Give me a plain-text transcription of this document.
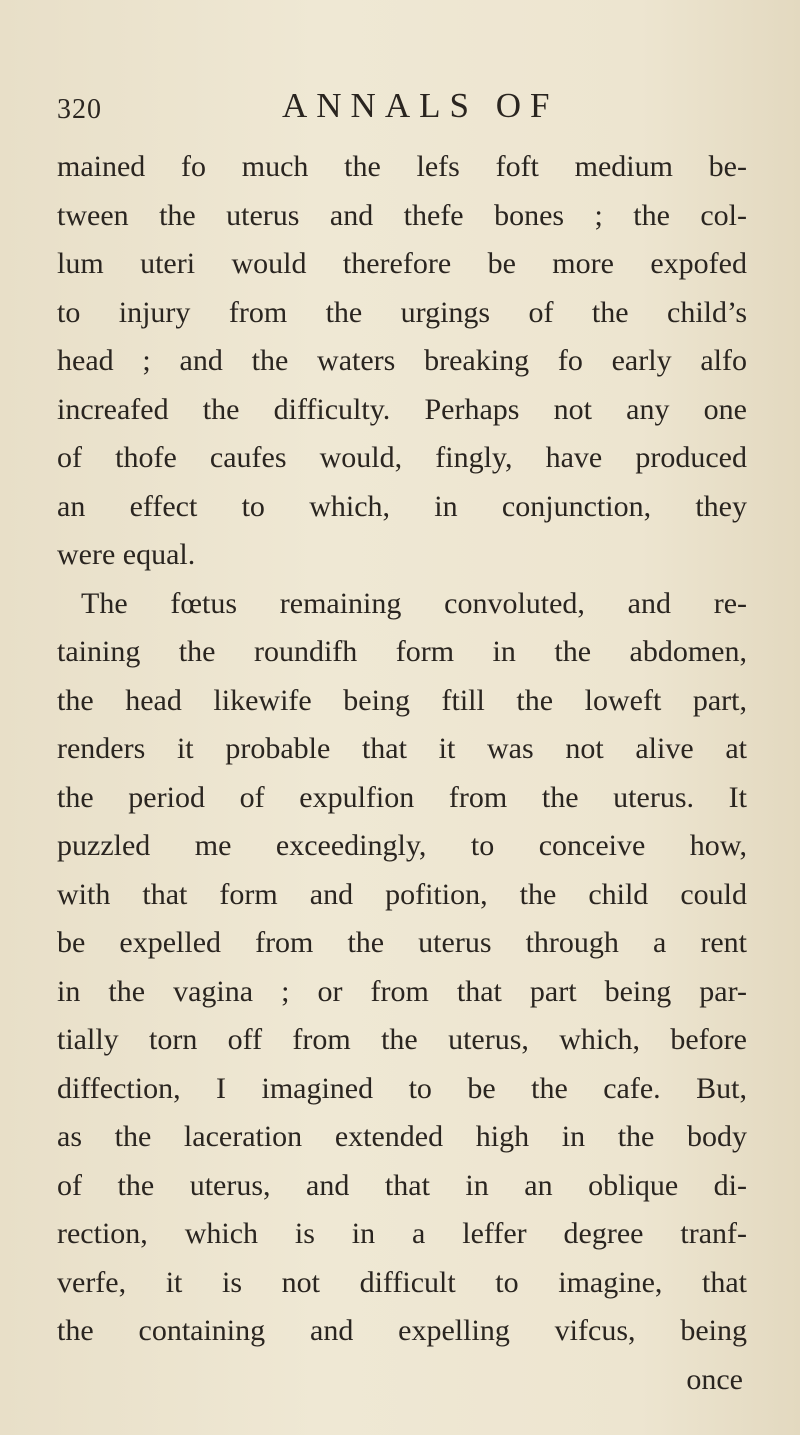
320	ANNALS OF
mained fo much the lefs foft medium be-
tween the uterus and thefe bones ; the col-
lum uteri would therefore be more expofed
to injury from the urgings of the child’s
head ; and the waters breaking fo early alfo
increafed the difficulty. Perhaps not any one
of thofe caufes would, fingly, have produced
an effect to which, in conjunction, they
were equal.
The fœtus remaining convoluted, and re-
taining the roundifh form in the abdomen,
the head likewife being ftill the loweft part,
renders it probable that it was not alive at
the period of expulfion from the uterus. It
puzzled me exceedingly, to conceive how,
with that form and pofition, the child could
be expelled from the uterus through a rent
in the vagina ; or from that part being par-
tially torn off from the uterus, which, before
diffection, I imagined to be the cafe. But,
as the laceration extended high in the body
of the uterus, and that in an oblique di-
rection, which is in a leffer degree tranf-
verfe, it is not difficult to imagine, that
the containing and expelling vifcus, being
once
